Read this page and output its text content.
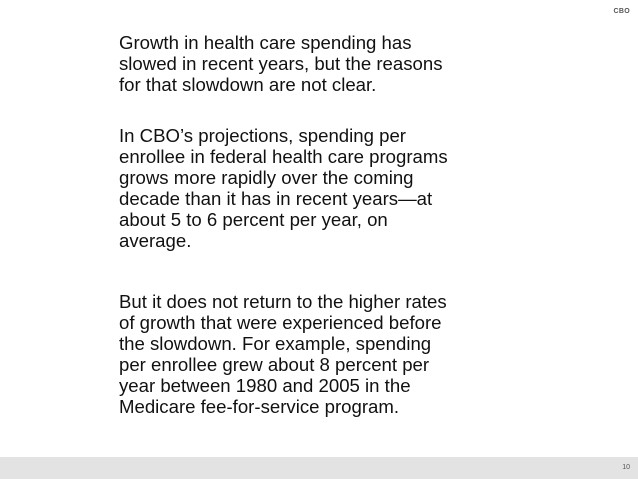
CBO

Growth in health care spending has
slowed in recent years, but the reasons
for that slowdown are not clear.

In CBO’s projections, spending per
enrollee in federal health care programs
grows more rapidly over the coming
decade than it has in recent years—at
about 5 to 6 percent per year, on
average.

But it does not return to the higher rates
of growth that were experienced before
the slowdown. For example, spending
per enrollee grew about 8 percent per
year between 1980 and 2005 in the
Medicare fee-for-service program.

10
